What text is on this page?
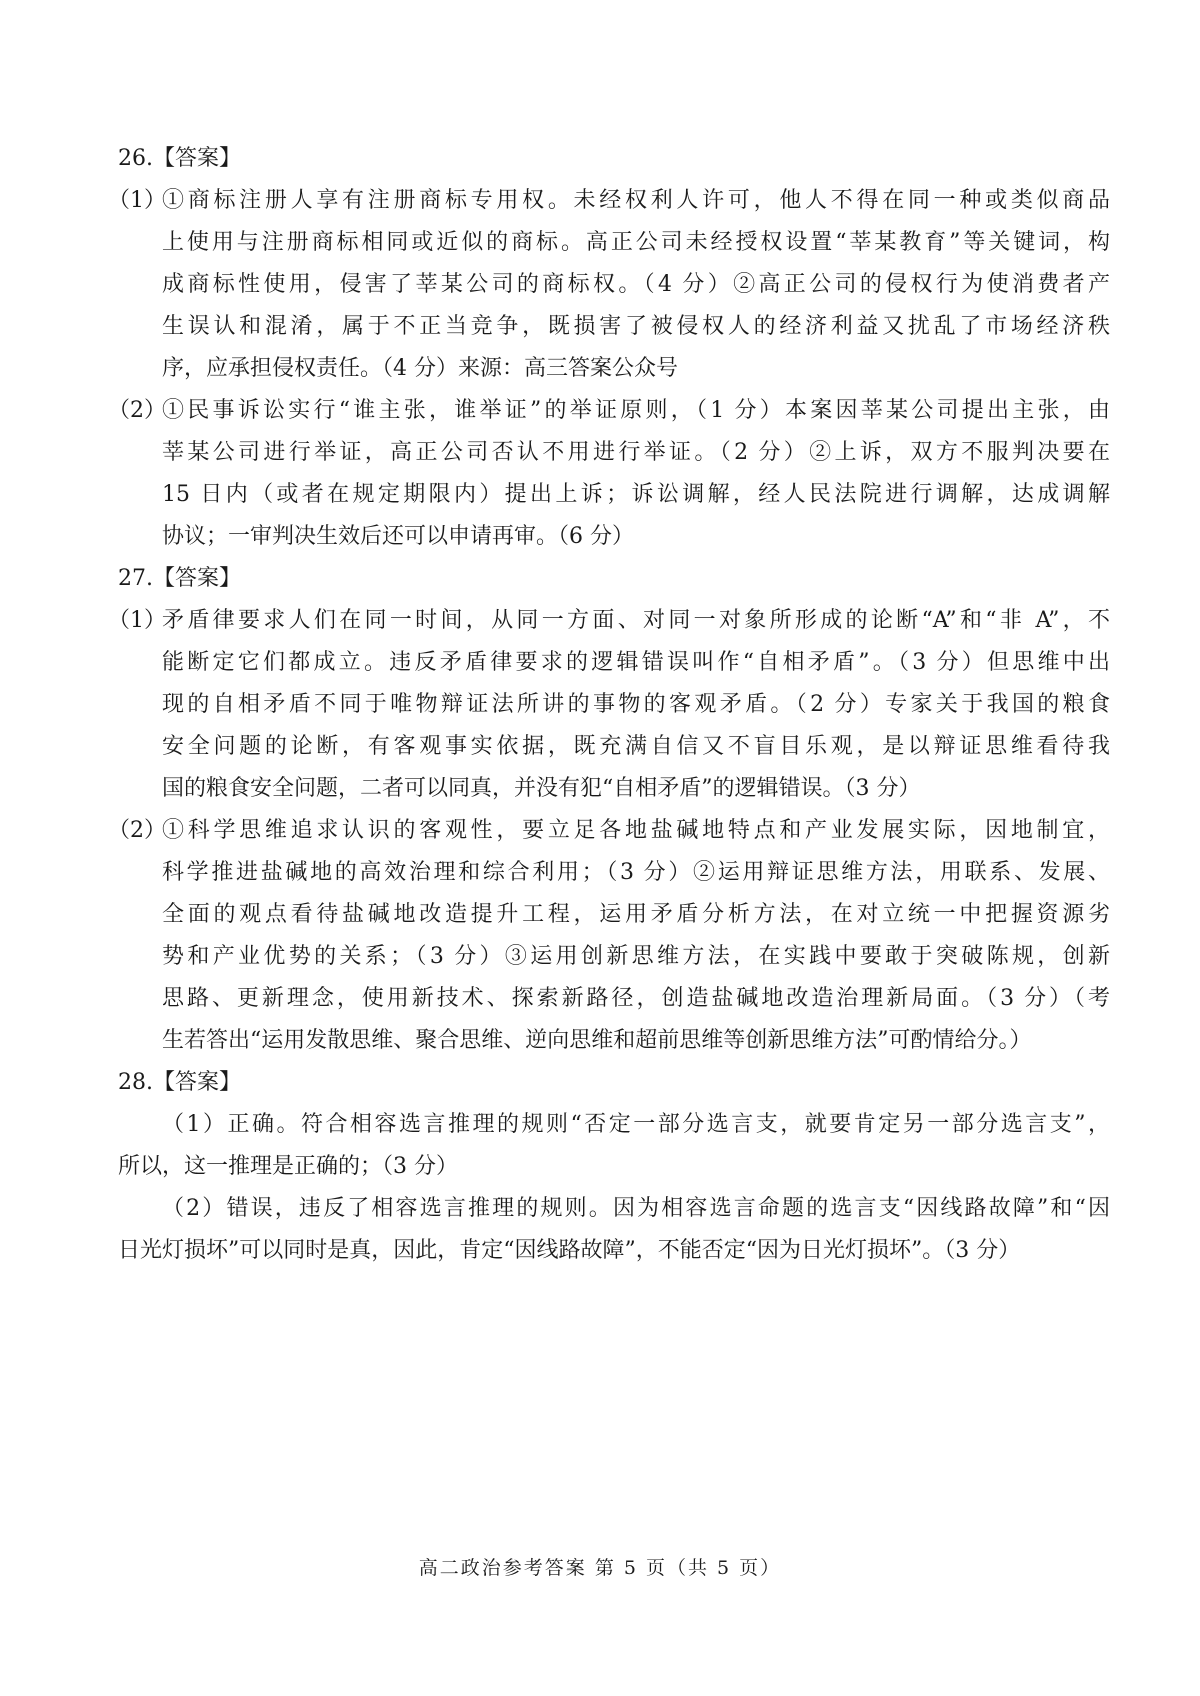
26.【答案】
（1）
①商标注册人享有注册商标专用权。未经权利人许可，他人不得在同一种或类似商品
上使用与注册商标相同或近似的商标。高正公司未经授权设置“莘某教育”等关键词，构
成商标性使用，侵害了莘某公司的商标权。（4 分）②高正公司的侵权行为使消费者产
生误认和混淆，属于不正当竞争，既损害了被侵权人的经济利益又扰乱了市场经济秩
序，应承担侵权责任。（4 分）来源：高三答案公众号
（2）
①民事诉讼实行“谁主张，谁举证”的举证原则，（1 分）本案因莘某公司提出主张，由
莘某公司进行举证，高正公司否认不用进行举证。（2 分）②上诉，双方不服判决要在
15 日内（或者在规定期限内）提出上诉；诉讼调解，经人民法院进行调解，达成调解
协议；一审判决生效后还可以申请再审。（6 分）
27.【答案】
（1）
矛盾律要求人们在同一时间，从同一方面、对同一对象所形成的论断“A”和“非 A”，不
能断定它们都成立。违反矛盾律要求的逻辑错误叫作“自相矛盾”。（3 分）但思维中出
现的自相矛盾不同于唯物辩证法所讲的事物的客观矛盾。（2 分）专家关于我国的粮食
安全问题的论断，有客观事实依据，既充满自信又不盲目乐观，是以辩证思维看待我
国的粮食安全问题，二者可以同真，并没有犯“自相矛盾”的逻辑错误。（3 分）
（2）
①科学思维追求认识的客观性，要立足各地盐碱地特点和产业发展实际，因地制宜，
科学推进盐碱地的高效治理和综合利用；（3 分）②运用辩证思维方法，用联系、发展、
全面的观点看待盐碱地改造提升工程，运用矛盾分析方法，在对立统一中把握资源劣
势和产业优势的关系；（3 分）③运用创新思维方法，在实践中要敢于突破陈规，创新
思路、更新理念，使用新技术、探索新路径，创造盐碱地改造治理新局面。（3 分）（考
生若答出“运用发散思维、聚合思维、逆向思维和超前思维等创新思维方法”可酌情给分。）
28.【答案】
（1）正确。符合相容选言推理的规则“否定一部分选言支，就要肯定另一部分选言支”，
所以，这一推理是正确的；（3 分）
（2）错误，违反了相容选言推理的规则。因为相容选言命题的选言支“因线路故障”和“因
日光灯损坏”可以同时是真，因此，肯定“因线路故障”，不能否定“因为日光灯损坏”。（3 分）
高二政治参考答案 第 5 页（共 5 页）
